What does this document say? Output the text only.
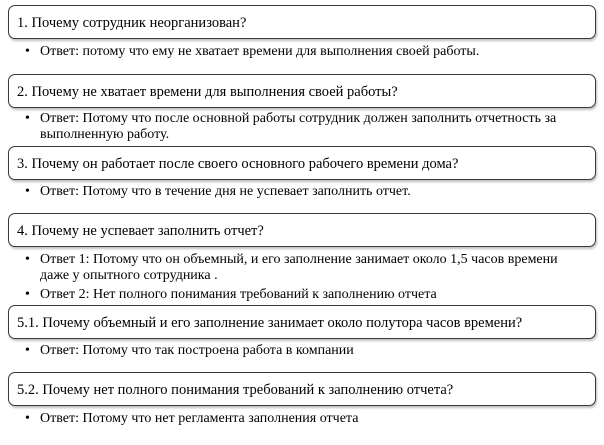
1. Почему сотрудник неорганизован?
• Ответ: потому что ему не хватает времени для выполнения своей работы.
2. Почему не хватает времени для выполнения своей работы?
• Ответ: Потому что после основной работы сотрудник должен заполнить отчетность за выполненную работу.
3. Почему он работает после своего основного рабочего времени дома?
• Ответ: Потому что в течение дня не успевает заполнить отчет.
4. Почему не успевает заполнить отчет?
• Ответ 1: Потому что он объемный, и его заполнение занимает около 1,5 часов времени даже у опытного сотрудника .
• Ответ 2: Нет полного понимания требований к заполнению отчета
5.1. Почему объемный и его заполнение занимает около полутора часов времени?
• Ответ: Потому что так построена работа в компании
5.2. Почему нет полного понимания требований к заполнению отчета?
• Ответ: Потому что нет регламента заполнения отчета
